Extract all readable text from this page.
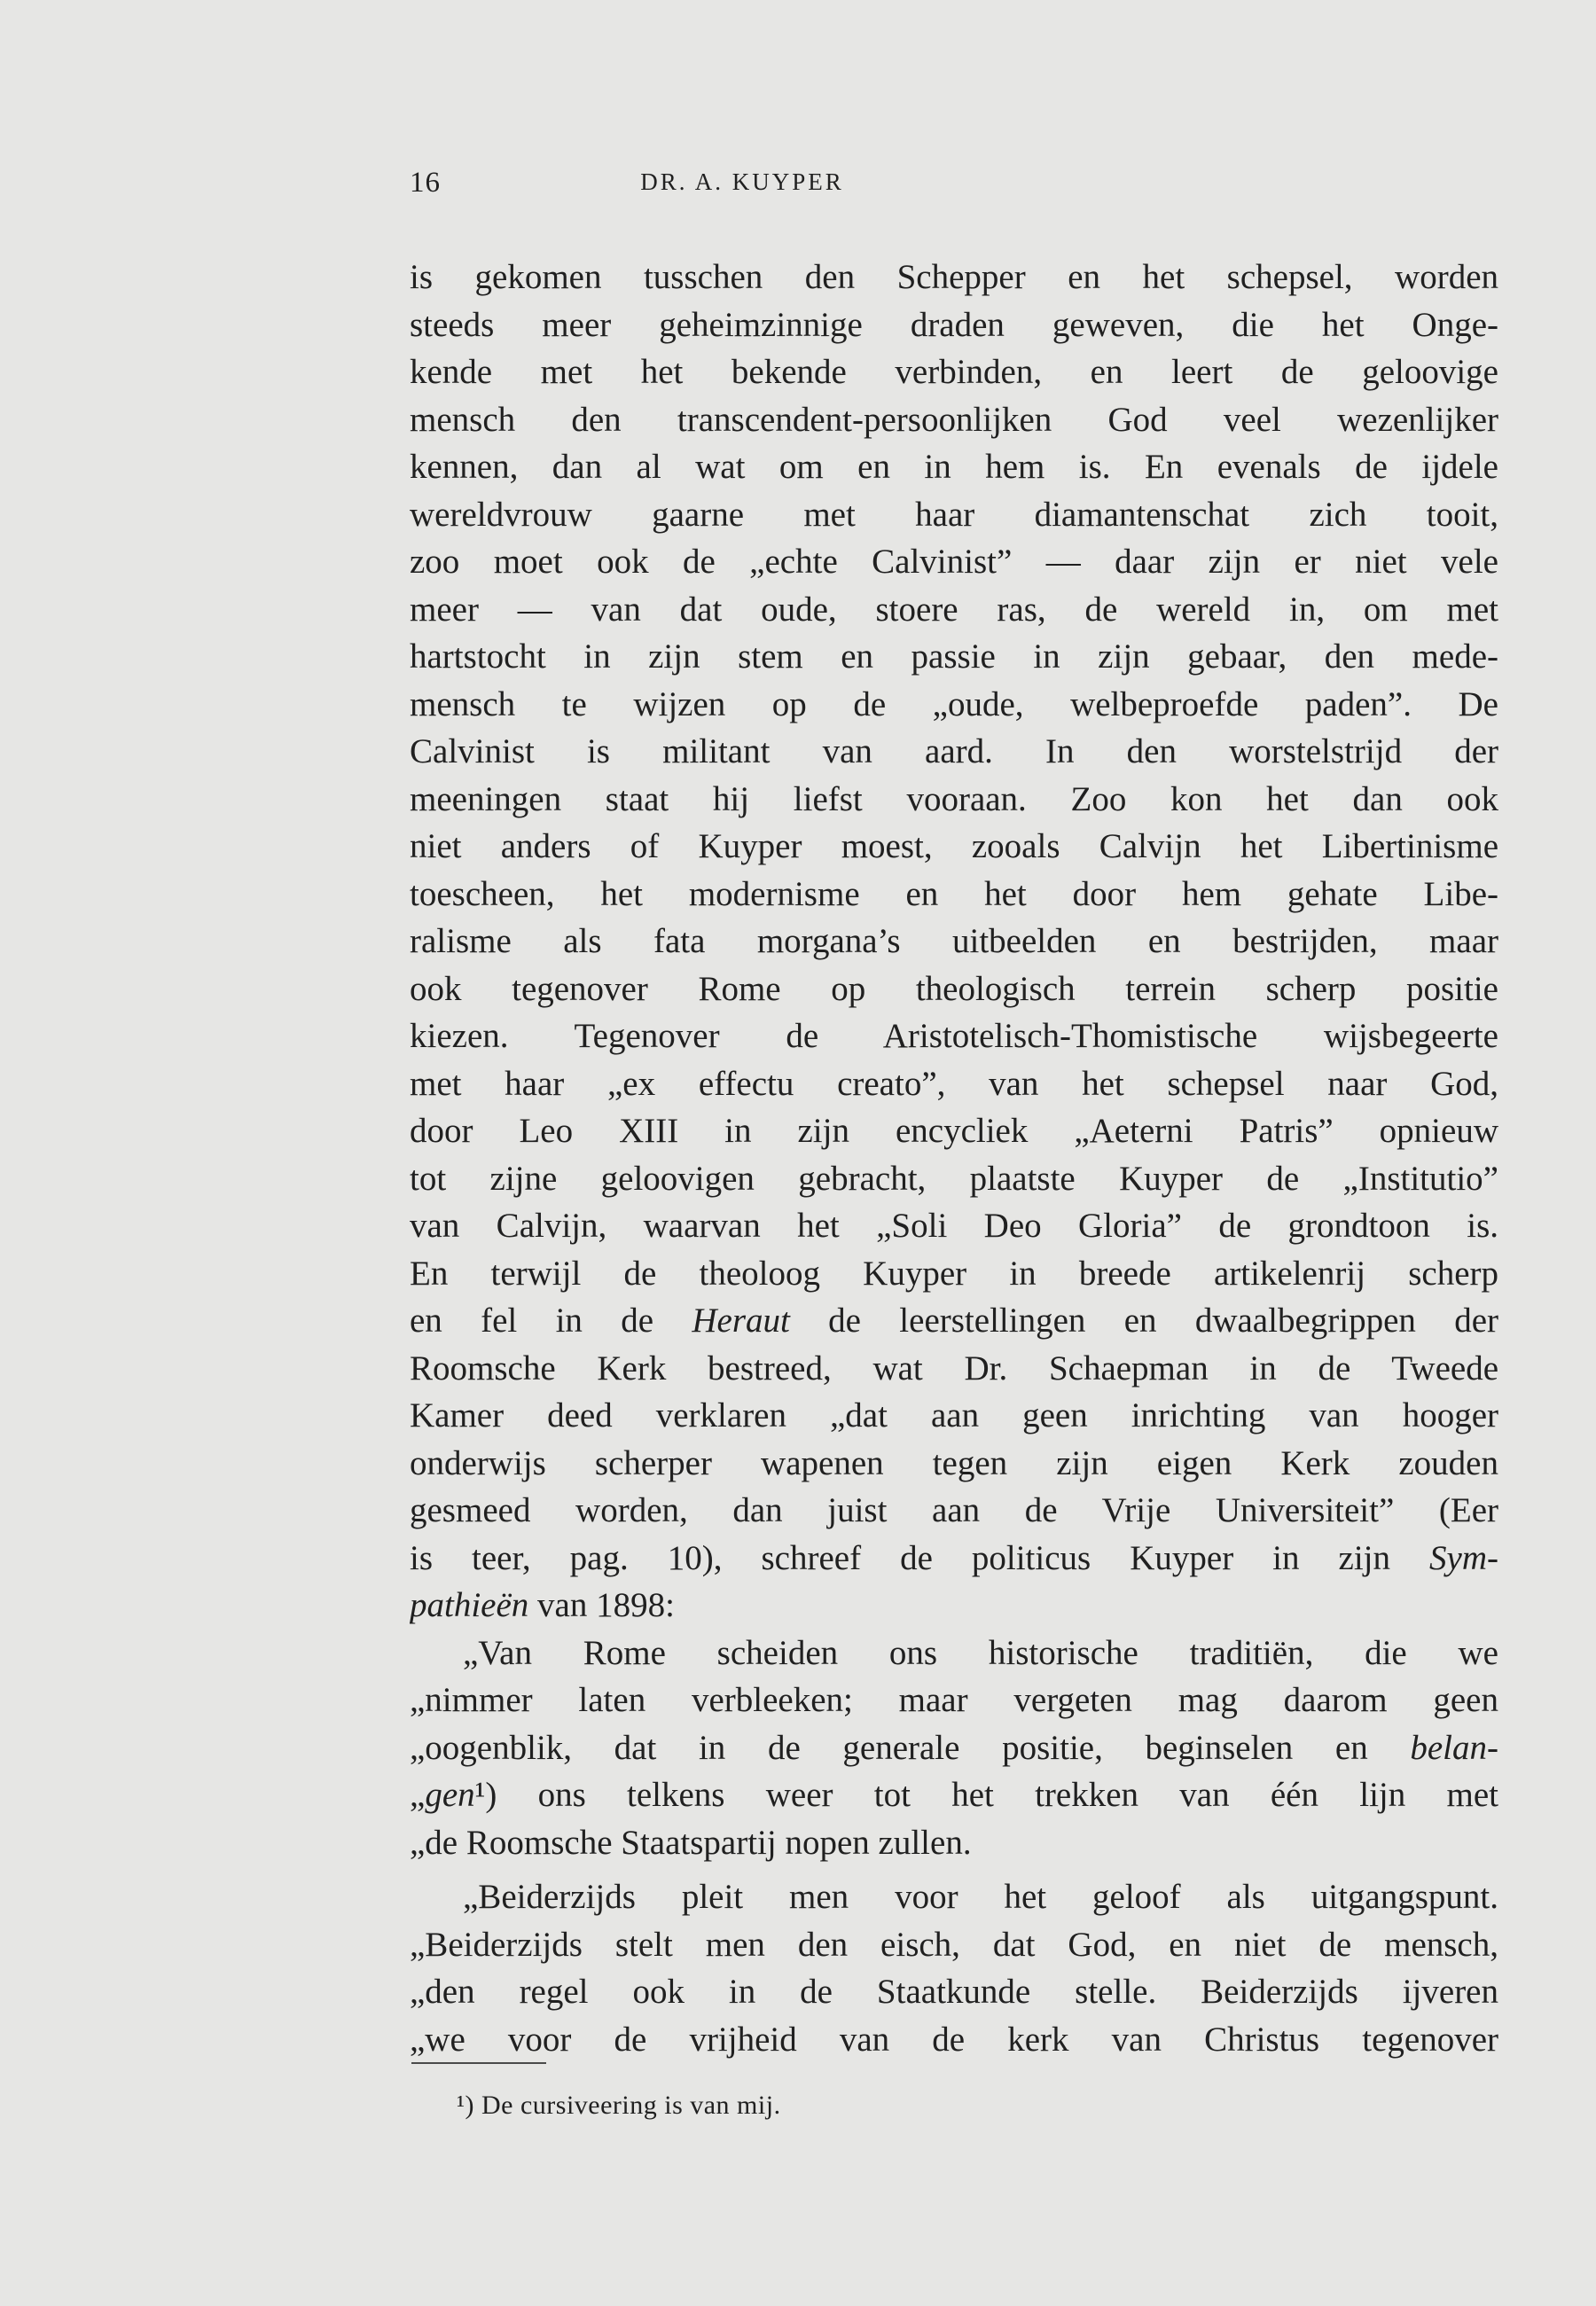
16	DR. A. KUYPER
is gekomen tusschen den Schepper en het schepsel, worden
steeds meer geheimzinnige draden geweven, die het Onge-
kende met het bekende verbinden, en leert de geloovige
mensch den transcendent-persoonlijken God veel wezenlijker
kennen, dan al wat om en in hem is. En evenals de ijdele
wereldvrouw gaarne met haar diamantenschat zich tooit,
zoo moet ook de „echte Calvinist” — daar zijn er niet vele
meer — van dat oude, stoere ras, de wereld in, om met
hartstocht in zijn stem en passie in zijn gebaar, den mede-
mensch te wijzen op de „oude, welbeproefde paden”. De
Calvinist is militant van aard. In den worstelstrijd der
meeningen staat hij liefst vooraan. Zoo kon het dan ook
niet anders of Kuyper moest, zooals Calvijn het Libertinisme
toescheen, het modernisme en het door hem gehate Libe-
ralisme als fata morgana’s uitbeelden en bestrijden, maar
ook tegenover Rome op theologisch terrein scherp positie
kiezen. Tegenover de Aristotelisch-Thomistische wijsbegeerte
met haar „ex effectu creato”, van het schepsel naar God,
door Leo XIII in zijn encycliek „Aeterni Patris” opnieuw
tot zijne geloovigen gebracht, plaatste Kuyper de „Institutio”
van Calvijn, waarvan het „Soli Deo Gloria” de grondtoon is.
En terwijl de theoloog Kuyper in breede artikelenrij scherp
en fel in de Heraut de leerstellingen en dwaalbegrippen der
Roomsche Kerk bestreed, wat Dr. Schaepman in de Tweede
Kamer deed verklaren „dat aan geen inrichting van hooger
onderwijs scherper wapenen tegen zijn eigen Kerk zouden
gesmeed worden, dan juist aan de Vrije Universiteit” (Eer
is teer, pag. 10), schreef de politicus Kuyper in zijn Sym-
pathieën van 1898:
„Van Rome scheiden ons historische traditiën, die we
„nimmer laten verbleeken; maar vergeten mag daarom geen
„oogenblik, dat in de generale positie, beginselen en belan-
„gen¹) ons telkens weer tot het trekken van één lijn met
„de Roomsche Staatspartij nopen zullen.
„Beiderzijds pleit men voor het geloof als uitgangspunt.
„Beiderzijds stelt men den eisch, dat God, en niet de mensch,
„den regel ook in de Staatkunde stelle. Beiderzijds ijveren
„we voor de vrijheid van de kerk van Christus tegenover
¹) De cursiveering is van mij.
